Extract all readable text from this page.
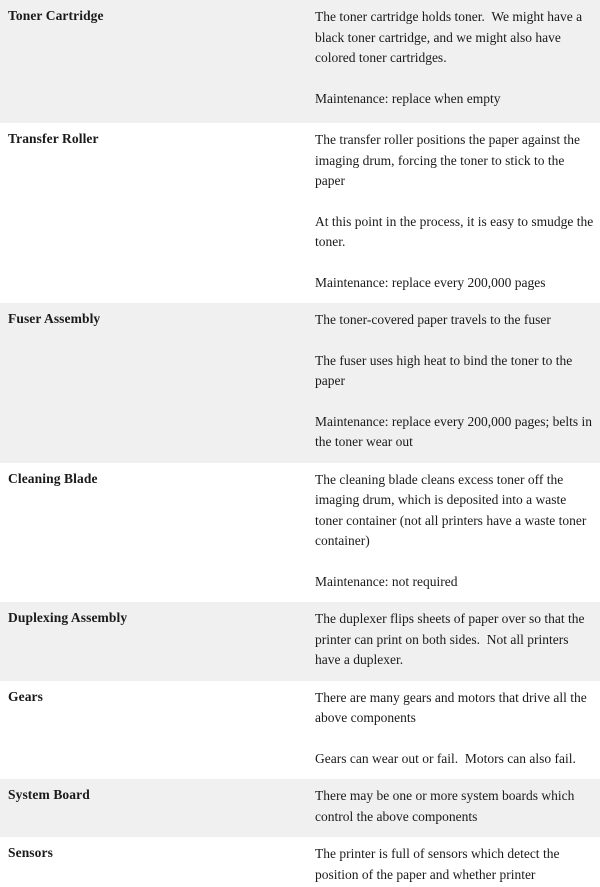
Toner Cartridge	The toner cartridge holds toner.  We might have a black toner cartridge, and we might also have colored toner cartridges.

Maintenance: replace when empty

Transfer Roller	The transfer roller positions the paper against the imaging drum, forcing the toner to stick to the paper

At this point in the process, it is easy to smudge the toner.

Maintenance: replace every 200,000 pages

Fuser Assembly	The toner-covered paper travels to the fuser

The fuser uses high heat to bind the toner to the paper

Maintenance: replace every 200,000 pages; belts in the toner wear out

Cleaning Blade	The cleaning blade cleans excess toner off the imaging drum, which is deposited into a waste toner container (not all printers have a waste toner container)

Maintenance: not required

Duplexing Assembly	The duplexer flips sheets of paper over so that the printer can print on both sides.  Not all printers have a duplexer.

Gears	There are many gears and motors that drive all the above components

Gears can wear out or fail.  Motors can also fail.

System Board	There may be one or more system boards which control the above components

Sensors	The printer is full of sensors which detect the position of the paper and whether printer
